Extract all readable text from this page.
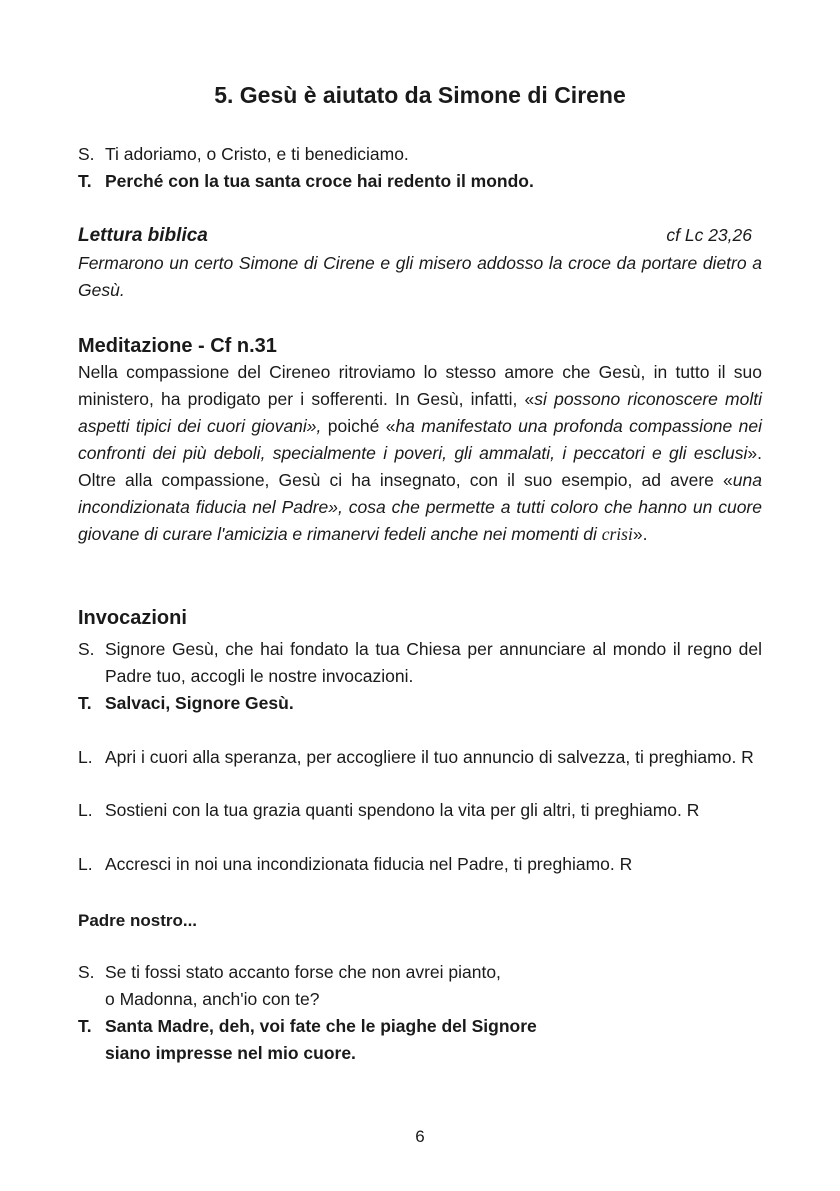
5. Gesù è aiutato da Simone di Cirene
S. Ti adoriamo, o Cristo, e ti benediciamo.
T. Perché con la tua santa croce hai redento il mondo.
Lettura biblica	cf Lc 23,26

Fermarono un certo Simone di Cirene e gli misero addosso la croce da portare dietro a Gesù.

Meditazione - Cf n.31

Nella compassione del Cireneo ritroviamo lo stesso amore che Gesù, in tutto il suo ministero, ha prodigato per i sofferenti. In Gesù, infatti, «si possono riconoscere molti aspetti tipici dei cuori giovani», poiché «ha manifestato una profonda compassione nei confronti dei più deboli, specialmente i poveri, gli ammalati, i peccatori e gli esclusi». Oltre alla compassione, Gesù ci ha insegnato, con il suo esempio, ad avere «una incondizionata fiducia nel Padre», cosa che permette a tutti coloro che hanno un cuore giovane di curare l'amicizia e rimanervi fedeli anche nei momenti di crisi».

Invocazioni
S. Signore Gesù, che hai fondato la tua Chiesa per annunciare al mondo il regno del Padre tuo, accogli le nostre invocazioni.
T. Salvaci, Signore Gesù.
L. Apri i cuori alla speranza, per accogliere il tuo annuncio di salvezza, ti preghiamo. R
L. Sostieni con la tua grazia quanti spendono la vita per gli altri, ti preghiamo. R
L. Accresci in noi una incondizionata fiducia nel Padre, ti preghiamo. R
Padre nostro...
S. Se ti fossi stato accanto forse che non avrei pianto,
o Madonna, anch'io con te?
T. Santa Madre, deh, voi fate che le piaghe del Signore
siano impresse nel mio cuore.

6
